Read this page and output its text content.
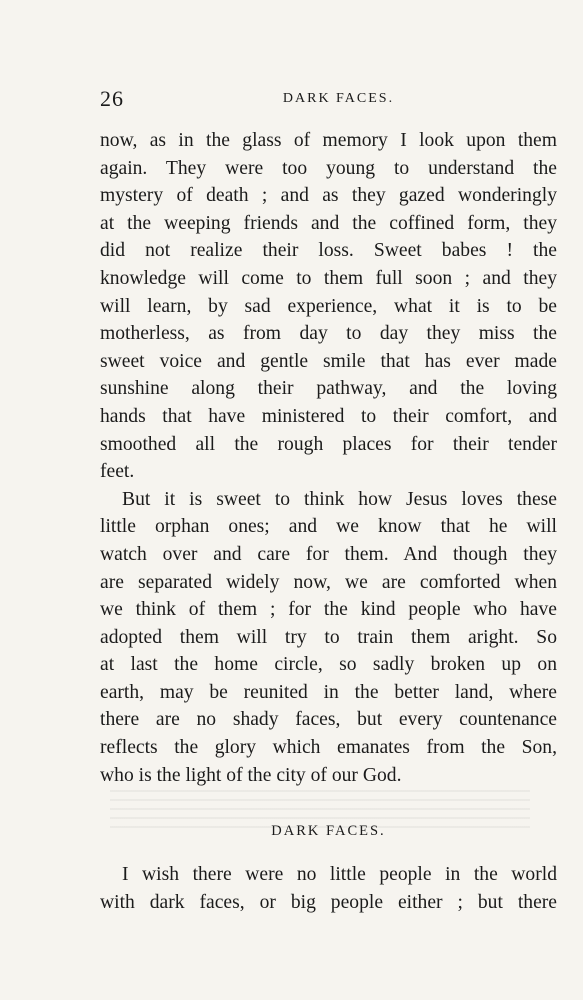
26	DARK FACES.
now, as in the glass of memory I look upon them
again. They were too young to understand the
mystery of death ; and as they gazed wonderingly
at the weeping friends and the coffined form, they
did not realize their loss. Sweet babes ! the
knowledge will come to them full soon ; and they
will learn, by sad experience, what it is to be
motherless, as from day to day they miss the
sweet voice and gentle smile that has ever made
sunshine along their pathway, and the loving
hands that have ministered to their comfort, and
smoothed all the rough places for their tender
feet.
But it is sweet to think how Jesus loves these
little orphan ones; and we know that he will
watch over and care for them. And though they
are separated widely now, we are comforted when
we think of them ; for the kind people who have
adopted them will try to train them aright. So
at last the home circle, so sadly broken up on
earth, may be reunited in the better land, where
there are no shady faces, but every countenance
reflects the glory which emanates from the Son,
who is the light of the city of our God.
DARK FACES.
I wish there were no little people in the world
with dark faces, or big people either ; but there
